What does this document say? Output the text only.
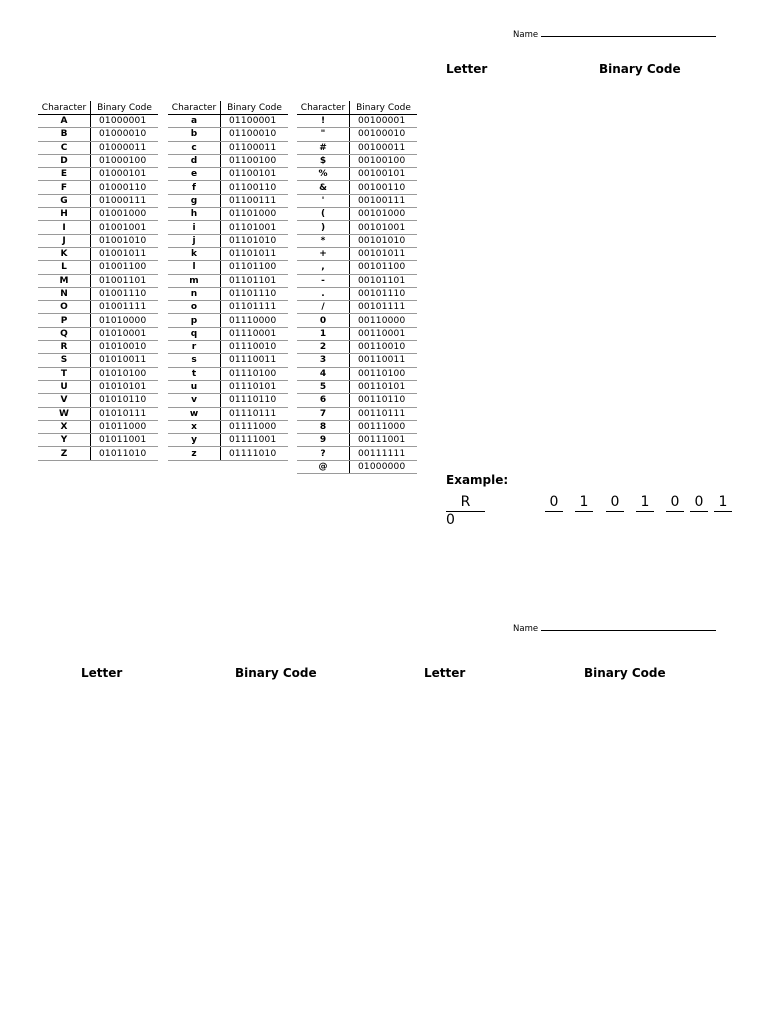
Name
Letter	Binary Code
Character	Binary Code
A	01000001
B	01000010
C	01000011
D	01000100
E	01000101
F	01000110
G	01000111
H	01001000
I	01001001
J	01001010
K	01001011
L	01001100
M	01001101
N	01001110
O	01001111
P	01010000
Q	01010001
R	01010010
S	01010011
T	01010100
U	01010101
V	01010110
W	01010111
X	01011000
Y	01011001
Z	01011010
Character	Binary Code
a	01100001
b	01100010
c	01100011
d	01100100
e	01100101
f	01100110
g	01100111
h	01101000
i	01101001
j	01101010
k	01101011
l	01101100
m	01101101
n	01101110
o	01101111
p	01110000
q	01110001
r	01110010
s	01110011
t	01110100
u	01110101
v	01110110
w	01110111
x	01111000
y	01111001
z	01111010
Character	Binary Code
!	00100001
"	00100010
#	00100011
$	00100100
%	00100101
&	00100110
'	00100111
(	00101000
)	00101001
*	00101010
+	00101011
,	00101100
-	00101101
.	00101110
/	00101111
0	00110000
1	00110001
2	00110010
3	00110011
4	00110100
5	00110101
6	00110110
7	00110111
8	00111000
9	00111001
?	00111111
@	01000000
Example:
R
0
0	1	0	1	0	0	1
Name
Letter	Binary Code	Letter	Binary Code
